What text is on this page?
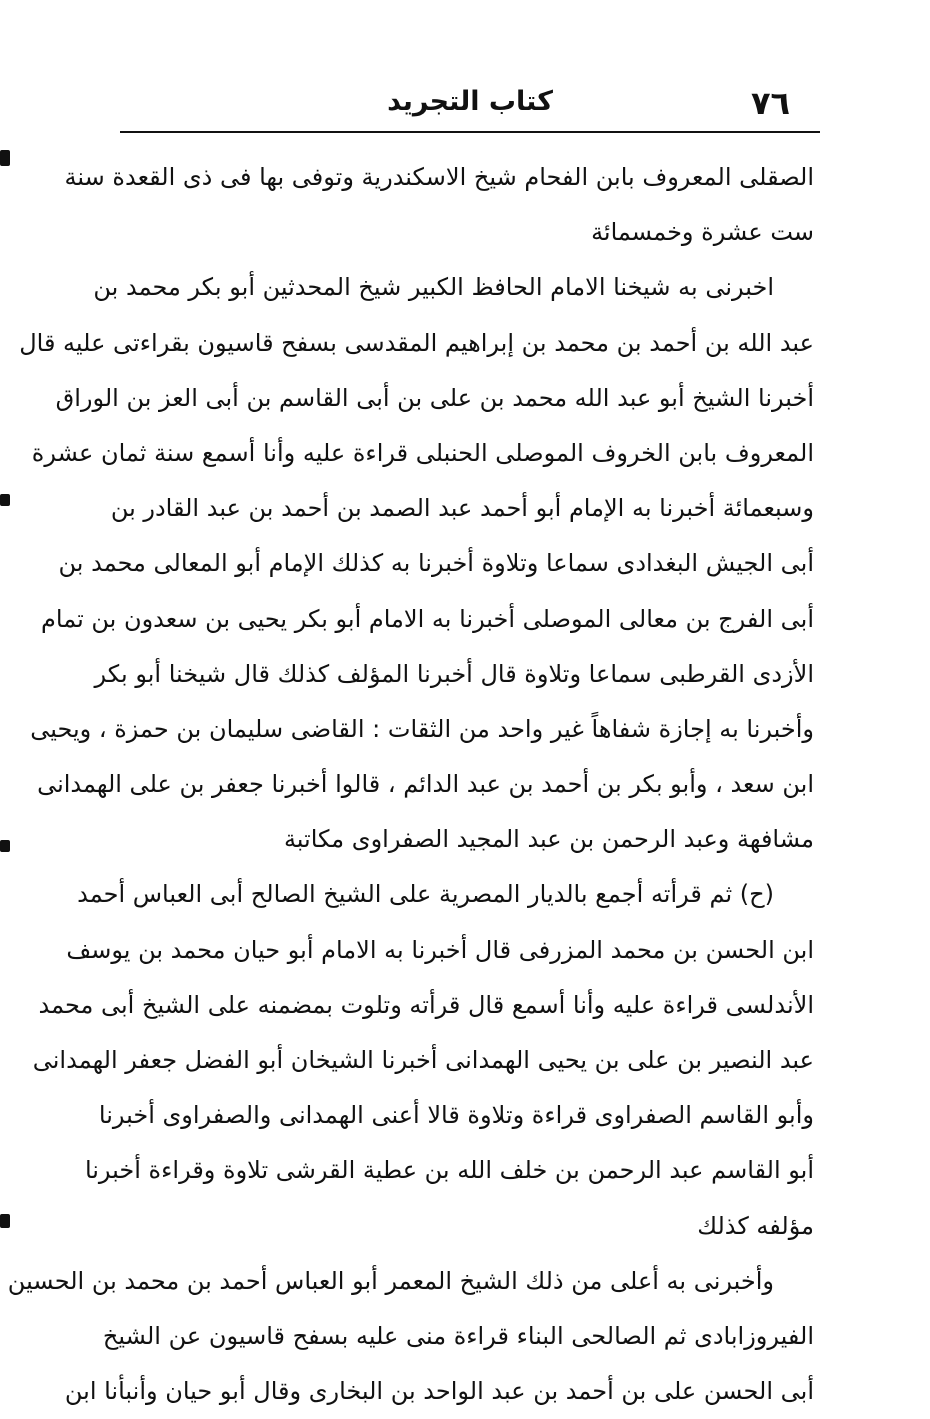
٧٦
كتاب التجريد
الصقلى المعروف بابن الفحام شيخ الاسكندرية وتوفى بها فى ذى القعدة سنة
ست عشرة وخمسمائة
اخبرنى به شيخنا الامام الحافظ الكبير شيخ المحدثين أبو بكر محمد بن
عبد الله بن أحمد بن محمد بن إبراهيم المقدسى بسفح قاسيون بقراءتى عليه قال
أخبرنا الشيخ أبو عبد الله محمد بن على بن أبى القاسم بن أبى العز بن الوراق
المعروف بابن الخروف الموصلى الحنبلى قراءة عليه وأنا أسمع سنة ثمان عشرة
وسبعمائة أخبرنا به الإمام أبو أحمد عبد الصمد بن أحمد بن عبد القادر بن
أبى الجيش البغدادى سماعا وتلاوة أخبرنا به كذلك الإمام أبو المعالى محمد بن
أبى الفرج بن معالى الموصلى أخبرنا به الامام أبو بكر يحيى بن سعدون بن تمام
الأزدى القرطبى سماعا وتلاوة قال أخبرنا المؤلف كذلك قال شيخنا أبو بكر
وأخبرنا به إجازة شفاهاً غير واحد من الثقات : القاضى سليمان بن حمزة ، ويحيى
ابن سعد ، وأبو بكر بن أحمد بن عبد الدائم ، قالوا أخبرنا جعفر بن على الهمدانى
مشافهة وعبد الرحمن بن عبد المجيد الصفراوى مكاتبة
(ح) ثم قرأته أجمع بالديار المصرية على الشيخ الصالح أبى العباس أحمد
ابن الحسن بن محمد المزرفى قال أخبرنا به الامام أبو حيان محمد بن يوسف
الأندلسى قراءة عليه وأنا أسمع قال قرأته وتلوت بمضمنه على الشيخ أبى محمد
عبد النصير بن على بن يحيى الهمدانى أخبرنا الشيخان أبو الفضل جعفر الهمدانى
وأبو القاسم الصفراوى قراءة وتلاوة قالا أعنى الهمدانى والصفراوى أخبرنا
أبو القاسم عبد الرحمن بن خلف الله بن عطية القرشى تلاوة وقراءة أخبرنا
مؤلفه كذلك
وأخبرنى به أعلى من ذلك الشيخ المعمر أبو العباس أحمد بن محمد بن الحسين
الفيروزابادى ثم الصالحى البناء قراءة منى عليه بسفح قاسيون عن الشيخ
أبى الحسن على بن أحمد بن عبد الواحد بن البخارى وقال أبو حيان وأنبأنا ابن
